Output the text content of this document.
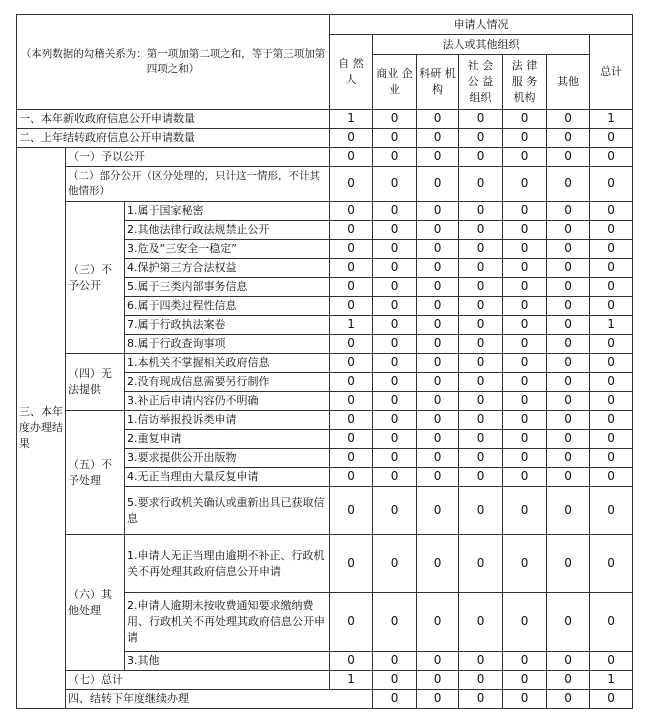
（本列数据的勾稽关系为：第一项加第二项之和，等于第三项加第四项之和）			申请人情况							
			自 然 人	法人或其他组织					总计	
				商业 企业	科研 机构	社 会 公 益 组织	法 律 服 务 机构	其他		
一、本年新收政府信息公开申请数量			1	0	0	0	0	0	1	
二、上年结转政府信息公开申请数量			0	0	0	0	0	0	0	
三、本年度办理结果	（一）予以公开		0	0	0	0	0	0	0	
	（二）部分公开（区分处理的，只计这一情形，不计其他情形）		0	0	0	0	0	0	0	
	（三）不予公开	1.属于国家秘密	0	0	0	0	0	0	0	
		2.其他法律行政法规禁止公开	0	0	0	0	0	0	0	
		3.危及“三安全一稳定”	0	0	0	0	0	0	0	
		4.保护第三方合法权益	0	0	0	0	0	0	0	
		5.属于三类内部事务信息	0	0	0	0	0	0	0	
		6.属于四类过程性信息	0	0	0	0	0	0	0	
		7.属于行政执法案卷	1	0	0	0	0	0	1	
		8.属于行政查询事项	0	0	0	0	0	0	0	
	（四）无法提供	1.本机关不掌握相关政府信息	0	0	0	0	0	0	0	
		2.没有现成信息需要另行制作	0	0	0	0	0	0	0	
		3.补正后申请内容仍不明确	0	0	0	0	0	0	0	
	（五）不予处理	1.信访举报投诉类申请	0	0	0	0	0	0	0	
		2.重复申请	0	0	0	0	0	0	0	
		3.要求提供公开出版物	0	0	0	0	0	0	0	
		4.无正当理由大量反复申请	0	0	0	0	0	0	0	
		5.要求行政机关确认或重新出具已获取信息	0	0	0	0	0	0	0	
	（六）其他处理	1.申请人无正当理由逾期不补正、行政机关不再处理其政府信息公开申请	0	0	0	0	0	0	0	
		2.申请人逾期未按收费通知要求缴纳费用、行政机关不再处理其政府信息公开申请	0	0	0	0	0	0	0	
		3.其他	0	0	0	0	0	0	0	
	（七）总计		1	0	0	0	0	0	1	
	四、结转下年度继续办理			0	0	0	0	0	0	
